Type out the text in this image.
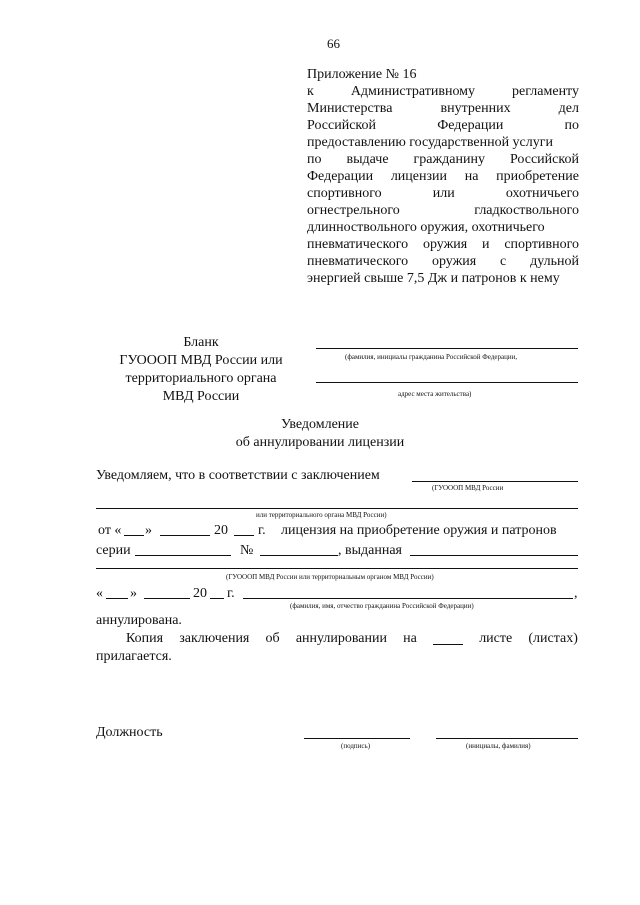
66
Приложение № 16
к	Административному	регламенту
Министерства	внутренних	дел
Российской	Федерации	по
предоставлению государственной услуги
по выдаче гражданину Российской
Федерации лицензии на приобретение
спортивного	или	охотничьего
огнестрельного	гладкоствольного
длинноствольного оружия, охотничьего
пневматического оружия и спортивного
пневматического оружия с дульной
энергией свыше 7,5 Дж и патронов к нему
Бланк
ГУОООП МВД России или
территориального органа
МВД России
(фамилия, инициалы гражданина Российской Федерации,
адрес места жительства)
Уведомление
об аннулировании лицензии
Уведомляем, что в соответствии с заключением
(ГУОООП МВД России
или территориального органа МВД России)
от « »	20 г. лицензия на приобретение оружия и патронов
серии	№	, выданная
(ГУОООП МВД России или территориальным органом МВД России)
« »	20 г.	,
(фамилия, имя, отчество гражданина Российской Федерации)
аннулирована.
Копия заключения об аннулировании на	листе (листах)
прилагается.
Должность
(подпись)	(инициалы, фамилия)
